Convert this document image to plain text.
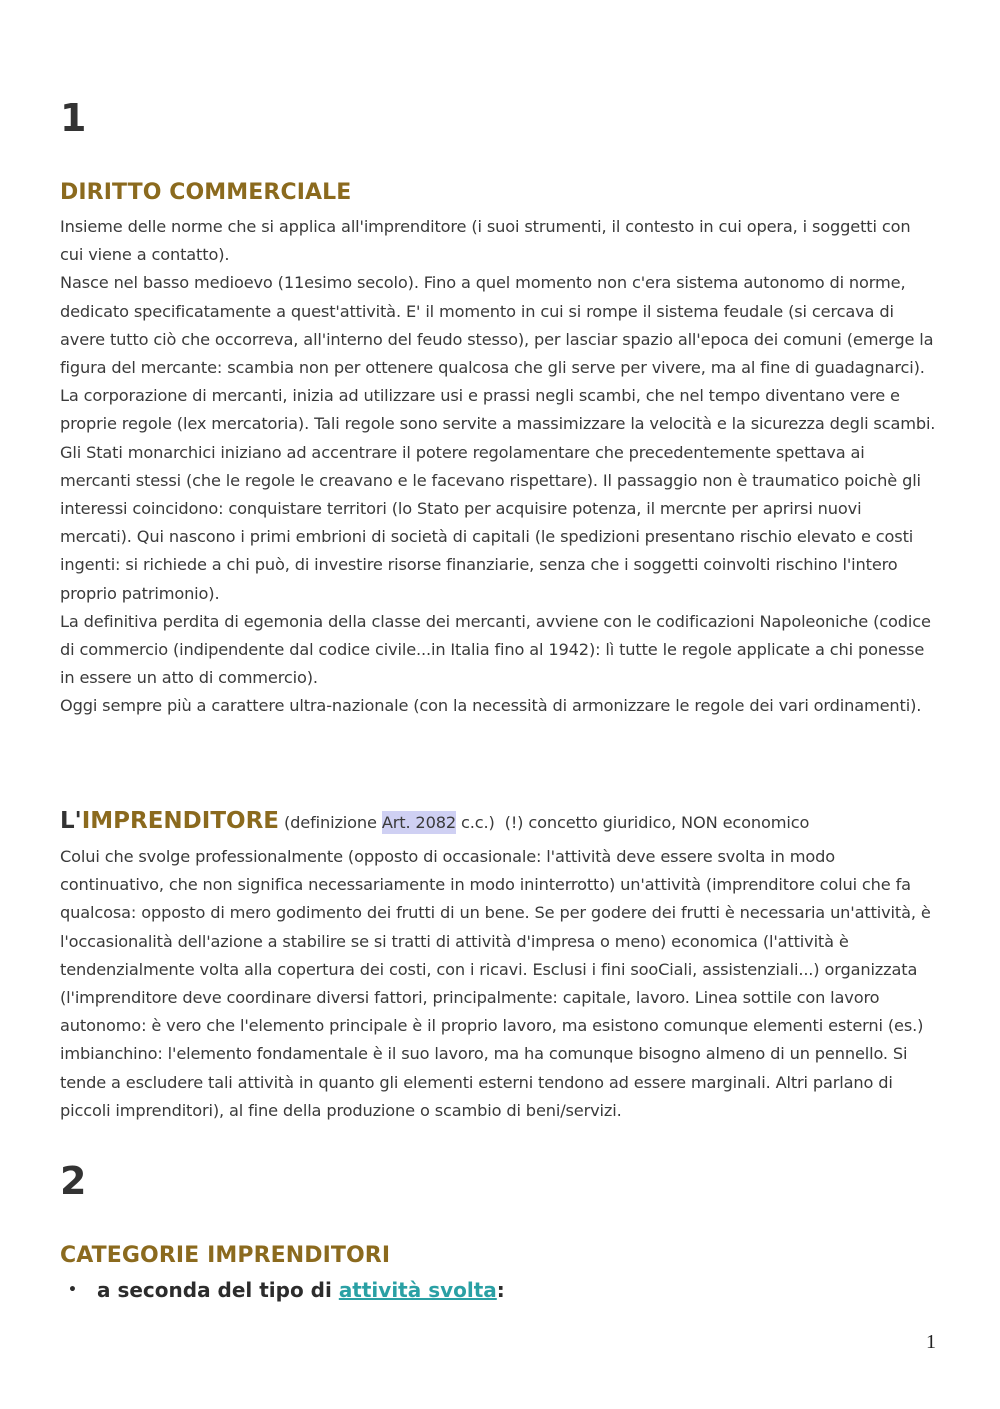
1
DIRITTO COMMERCIALE

Insieme delle norme che si applica all'imprenditore (i suoi strumenti, il contesto in cui opera, i soggetti con cui viene a contatto).

Nasce nel basso medioevo (11esimo secolo). Fino a quel momento non c'era sistema autonomo di norme, dedicato specificatamente a quest'attività. E' il momento in cui si rompe il sistema feudale (si cercava di avere tutto ciò che occorreva, all'interno del feudo stesso), per lasciar spazio all'epoca dei comuni (emerge la figura del mercante: scambia non per ottenere qualcosa che gli serve per vivere, ma al fine di guadagnarci). La corporazione di mercanti, inizia ad utilizzare usi e prassi negli scambi, che nel tempo diventano vere e proprie regole (lex mercatoria). Tali regole sono servite a massimizzare la velocità e la sicurezza degli scambi.

Gli Stati monarchici iniziano ad accentrare il potere regolamentare che precedentemente spettava ai mercanti stessi (che le regole le creavano e le facevano rispettare). Il passaggio non è traumatico poichè gli interessi coincidono: conquistare territori (lo Stato per acquisire potenza, il mercnte per aprirsi nuovi mercati). Qui nascono i primi embrioni di società di capitali (le spedizioni presentano rischio elevato e costi ingenti: si richiede a chi può, di investire risorse finanziarie, senza che i soggetti coinvolti rischino l'intero proprio patrimonio).

La definitiva perdita di egemonia della classe dei mercanti, avviene con le codificazioni Napoleoniche (codice di commercio (indipendente dal codice civile...in Italia fino al 1942): lì tutte le regole applicate a chi ponesse in essere un atto di commercio).

Oggi sempre più a carattere ultra-nazionale (con la necessità di armonizzare le regole dei vari ordinamenti).

L'IMPRENDITORE (definizione Art. 2082 c.c.)  (!) concetto giuridico, NON economico

Colui che svolge professionalmente (opposto di occasionale: l'attività deve essere svolta in modo continuativo, che non significa necessariamente in modo ininterrotto) un'attività (imprenditore colui che fa qualcosa: opposto di mero godimento dei frutti di un bene. Se per godere dei frutti è necessaria un'attività, è l'occasionalità dell'azione a stabilire se si tratti di attività d'impresa o meno) economica (l'attività è tendenzialmente volta alla copertura dei costi, con i ricavi. Esclusi i fini sooCiali, assistenziali...) organizzata (l'imprenditore deve coordinare diversi fattori, principalmente: capitale, lavoro. Linea sottile con lavoro autonomo: è vero che l'elemento principale è il proprio lavoro, ma esistono comunque elementi esterni (es.) imbianchino: l'elemento fondamentale è il suo lavoro, ma ha comunque bisogno almeno di un pennello. Si tende a escludere tali attività in quanto gli elementi esterni tendono ad essere marginali. Altri parlano di piccoli imprenditori), al fine della produzione o scambio di beni/servizi.

2
CATEGORIE IMPRENDITORI
• a seconda del tipo di attività svolta:
1
